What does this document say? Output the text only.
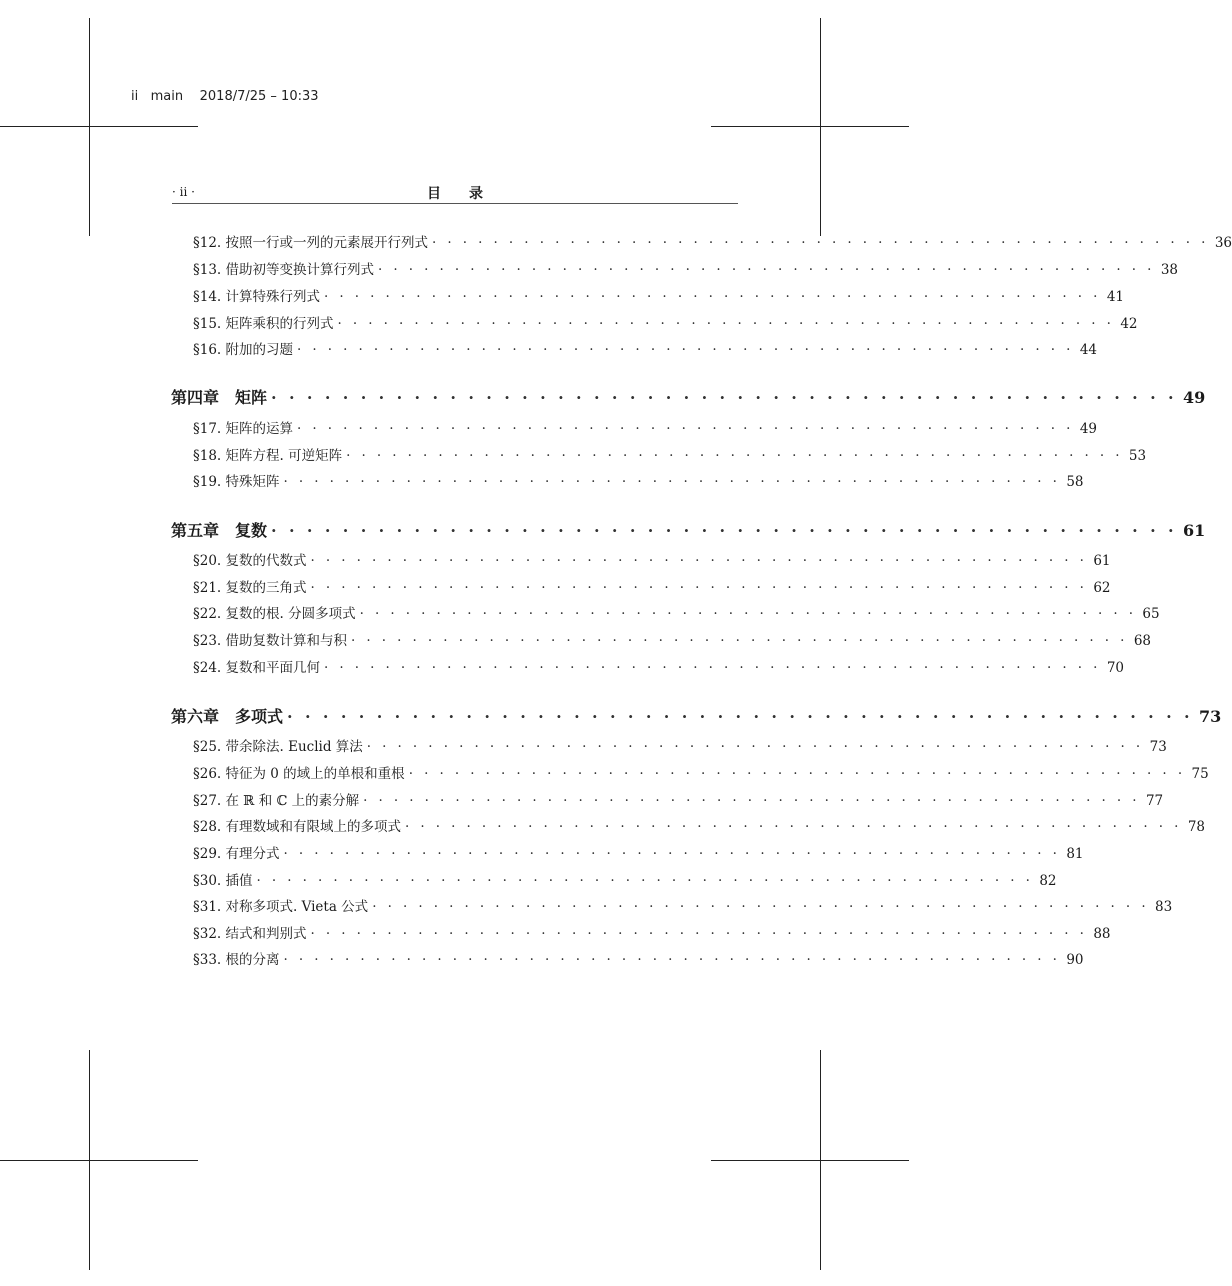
ii   main    2018/7/25 – 10:33
· ii ·	目　　录
§12. 按照一行或一列的元素展开行列式 · · · · · · · · · · · · · · · · · · · · · · · · · · · · · · · · · · · · · · · · · · · · · · · · · · · 36
§13. 借助初等变换计算行列式 · · · · · · · · · · · · · · · · · · · · · · · · · · · · · · · · · · · · · · · · · · · · · · · · · · · 38
§14. 计算特殊行列式 · · · · · · · · · · · · · · · · · · · · · · · · · · · · · · · · · · · · · · · · · · · · · · · · · · · 41
§15. 矩阵乘积的行列式 · · · · · · · · · · · · · · · · · · · · · · · · · · · · · · · · · · · · · · · · · · · · · · · · · · · 42
§16. 附加的习题 · · · · · · · · · · · · · · · · · · · · · · · · · · · · · · · · · · · · · · · · · · · · · · · · · · · 44
第四章　矩阵 · · · · · · · · · · · · · · · · · · · · · · · · · · · · · · · · · · · · · · · · · · · · · · · · · · · 49
§17. 矩阵的运算 · · · · · · · · · · · · · · · · · · · · · · · · · · · · · · · · · · · · · · · · · · · · · · · · · · · 49
§18. 矩阵方程. 可逆矩阵 · · · · · · · · · · · · · · · · · · · · · · · · · · · · · · · · · · · · · · · · · · · · · · · · · · · 53
§19. 特殊矩阵 · · · · · · · · · · · · · · · · · · · · · · · · · · · · · · · · · · · · · · · · · · · · · · · · · · · 58
第五章　复数 · · · · · · · · · · · · · · · · · · · · · · · · · · · · · · · · · · · · · · · · · · · · · · · · · · · 61
§20. 复数的代数式 · · · · · · · · · · · · · · · · · · · · · · · · · · · · · · · · · · · · · · · · · · · · · · · · · · · 61
§21. 复数的三角式 · · · · · · · · · · · · · · · · · · · · · · · · · · · · · · · · · · · · · · · · · · · · · · · · · · · 62
§22. 复数的根. 分圆多项式 · · · · · · · · · · · · · · · · · · · · · · · · · · · · · · · · · · · · · · · · · · · · · · · · · · · 65
§23. 借助复数计算和与积 · · · · · · · · · · · · · · · · · · · · · · · · · · · · · · · · · · · · · · · · · · · · · · · · · · · 68
§24. 复数和平面几何 · · · · · · · · · · · · · · · · · · · · · · · · · · · · · · · · · · · · · · · · · · · · · · · · · · · 70
第六章　多项式 · · · · · · · · · · · · · · · · · · · · · · · · · · · · · · · · · · · · · · · · · · · · · · · · · · · 73
§25. 带余除法. Euclid 算法 · · · · · · · · · · · · · · · · · · · · · · · · · · · · · · · · · · · · · · · · · · · · · · · · · · · 73
§26. 特征为 0 的域上的单根和重根 · · · · · · · · · · · · · · · · · · · · · · · · · · · · · · · · · · · · · · · · · · · · · · · · · · · 75
§27. 在 ℝ 和 ℂ 上的素分解 · · · · · · · · · · · · · · · · · · · · · · · · · · · · · · · · · · · · · · · · · · · · · · · · · · · 77
§28. 有理数域和有限域上的多项式 · · · · · · · · · · · · · · · · · · · · · · · · · · · · · · · · · · · · · · · · · · · · · · · · · · · 78
§29. 有理分式 · · · · · · · · · · · · · · · · · · · · · · · · · · · · · · · · · · · · · · · · · · · · · · · · · · · 81
§30. 插值 · · · · · · · · · · · · · · · · · · · · · · · · · · · · · · · · · · · · · · · · · · · · · · · · · · · 82
§31. 对称多项式. Vieta 公式 · · · · · · · · · · · · · · · · · · · · · · · · · · · · · · · · · · · · · · · · · · · · · · · · · · · 83
§32. 结式和判别式 · · · · · · · · · · · · · · · · · · · · · · · · · · · · · · · · · · · · · · · · · · · · · · · · · · · 88
§33. 根的分离 · · · · · · · · · · · · · · · · · · · · · · · · · · · · · · · · · · · · · · · · · · · · · · · · · · · 90
